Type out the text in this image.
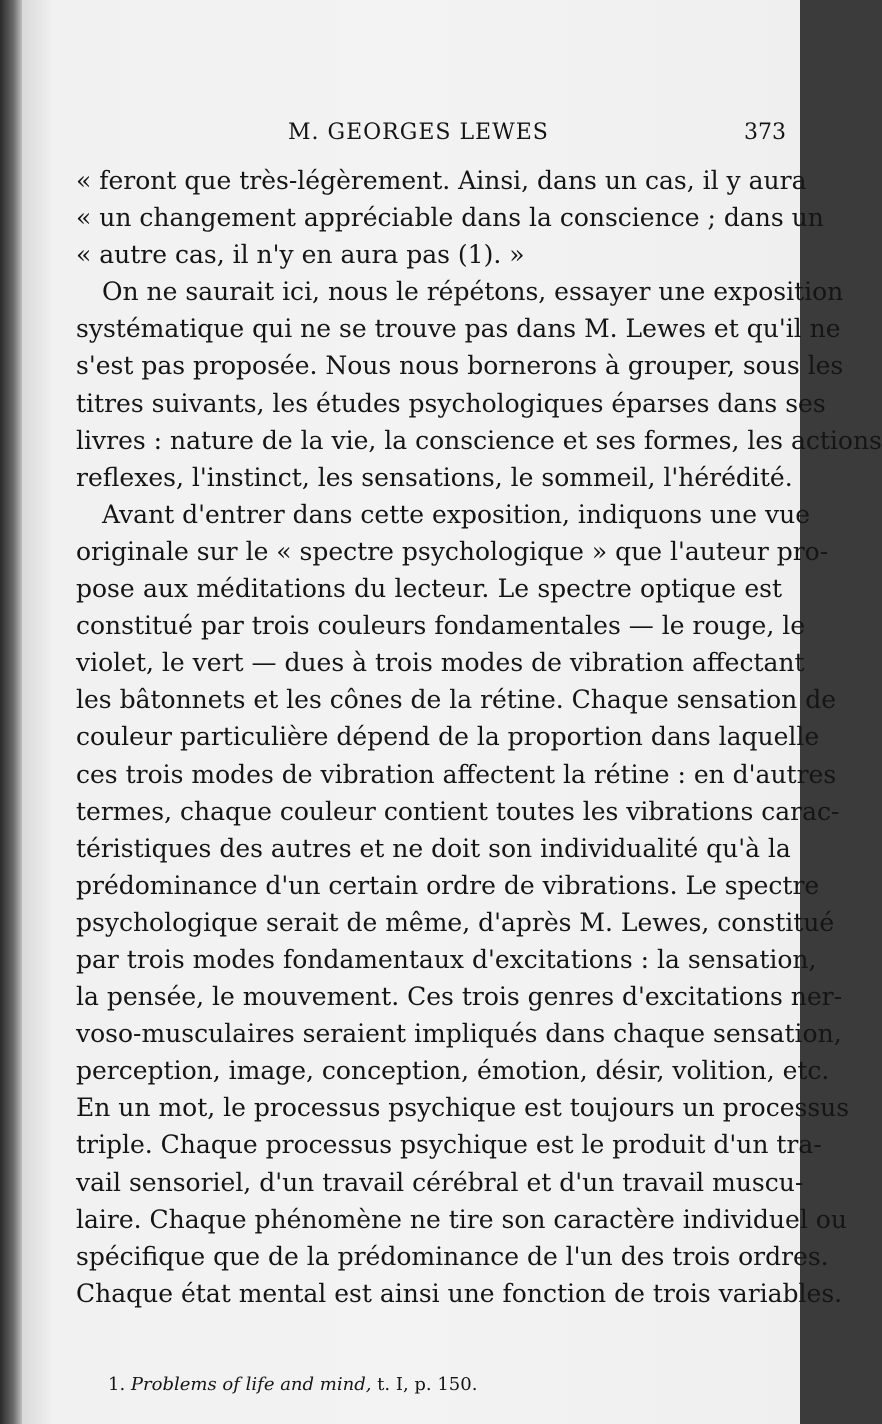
M. GEORGES LEWES	373
« feront que très-légèrement. Ainsi, dans un cas, il y aura
« un changement appréciable dans la conscience ; dans un
« autre cas, il n'y en aura pas (1). »
On ne saurait ici, nous le répétons, essayer une exposition
systématique qui ne se trouve pas dans M. Lewes et qu'il ne
s'est pas proposée. Nous nous bornerons à grouper, sous les
titres suivants, les études psychologiques éparses dans ses
livres : nature de la vie, la conscience et ses formes, les actions
reflexes, l'instinct, les sensations, le sommeil, l'hérédité.
Avant d'entrer dans cette exposition, indiquons une vue
originale sur le « spectre psychologique » que l'auteur pro-
pose aux méditations du lecteur. Le spectre optique est
constitué par trois couleurs fondamentales — le rouge, le
violet, le vert — dues à trois modes de vibration affectant
les bâtonnets et les cônes de la rétine. Chaque sensation de
couleur particulière dépend de la proportion dans laquelle
ces trois modes de vibration affectent la rétine : en d'autres
termes, chaque couleur contient toutes les vibrations carac-
téristiques des autres et ne doit son individualité qu'à la
prédominance d'un certain ordre de vibrations. Le spectre
psychologique serait de même, d'après M. Lewes, constitué
par trois modes fondamentaux d'excitations : la sensation,
la pensée, le mouvement. Ces trois genres d'excitations ner-
voso-musculaires seraient impliqués dans chaque sensation,
perception, image, conception, émotion, désir, volition, etc.
En un mot, le processus psychique est toujours un processus
triple. Chaque processus psychique est le produit d'un tra-
vail sensoriel, d'un travail cérébral et d'un travail muscu-
laire. Chaque phénomène ne tire son caractère individuel ou
spécifique que de la prédominance de l'un des trois ordres.
Chaque état mental est ainsi une fonction de trois variables.
1. Problems of life and mind, t. I, p. 150.
